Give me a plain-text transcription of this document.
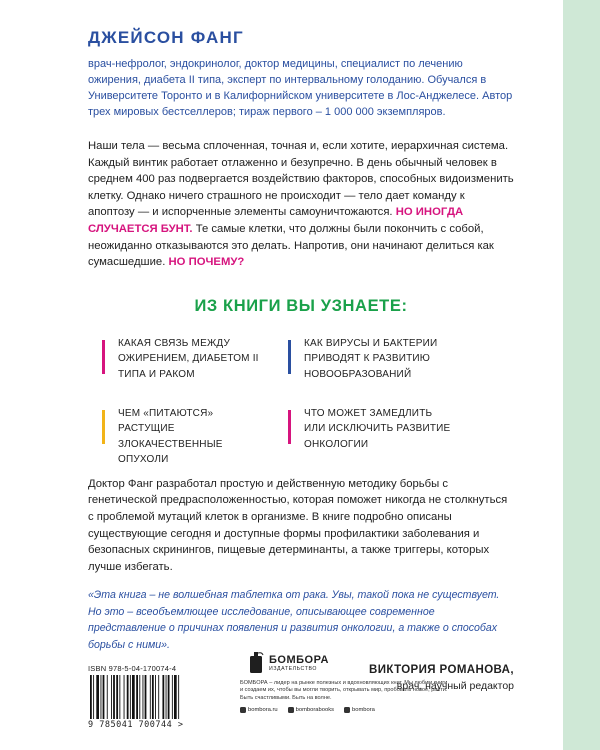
ДЖЕЙСОН ФАНГ

врач-нефролог, эндокринолог, доктор медицины, специалист по лечению ожирения, диабета II типа, эксперт по интервальному голоданию. Обучался в Университете Торонто и в Калифорнийском университете в Лос-Анджелесе. Автор трех мировых бестселлеров; тираж первого – 1 000 000 экземпляров.

Наши тела — весьма сплоченная, точная и, если хотите, иерархичная система. Каждый винтик работает отлаженно и безупречно. В день обычный человек в среднем 400 раз подвергается воздействию факторов, способных видоизменить клетку. Однако ничего страшного не происходит — тело дает команду к апоптозу — и испорченные элементы самоуничтожаются. НО ИНОГДА СЛУЧАЕТСЯ БУНТ. Те самые клетки, что должны были покончить с собой, неожиданно отказываются это делать. Напротив, они начинают делиться как сумасшедшие. НО ПОЧЕМУ?

ИЗ КНИГИ ВЫ УЗНАЕТЕ:
КАКАЯ СВЯЗЬ МЕЖДУ ОЖИРЕНИЕМ, ДИАБЕТОМ II ТИПА И РАКОМ
КАК ВИРУСЫ И БАКТЕРИИ ПРИВОДЯТ К РАЗВИТИЮ НОВООБРАЗОВАНИЙ
ЧЕМ «ПИТАЮТСЯ» РАСТУЩИЕ ЗЛОКАЧЕСТВЕННЫЕ ОПУХОЛИ
ЧТО МОЖЕТ ЗАМЕДЛИТЬ ИЛИ ИСКЛЮЧИТЬ РАЗВИТИЕ ОНКОЛОГИИ

Доктор Фанг разработал простую и действенную методику борьбы с генетической предрасположенностью, которая поможет никогда не столкнуться с проблемой мутаций клеток в организме. В книге подробно описаны существующие сегодня и доступные формы профилактики заболевания и безопасных скринингов, пищевые детерминанты, а также триггеры, которых лучше избегать.

«Эта книга – не волшебная таблетка от рака. Увы, такой пока не существует. Но это – всеобъемлющее исследование, описывающее современное представление о причинах появления и развития онкологии, а также о способах борьбы с ними».

ВИКТОРИЯ РОМАНОВА,
врач, научный редактор
ISBN 978-5-04-170074-4
9 785041 700744 >
БОМБОРА
ИЗДАТЕЛЬСТВО
БОМБОРА – лидер на рынке полезных и вдохновляющих книг. Мы любим книги и создаем их, чтобы вы могли творить, открывать мир, пробовать новое, расти. Быть счастливыми. Быть на волне.
bombora.ru	bomborabooks	bombora
